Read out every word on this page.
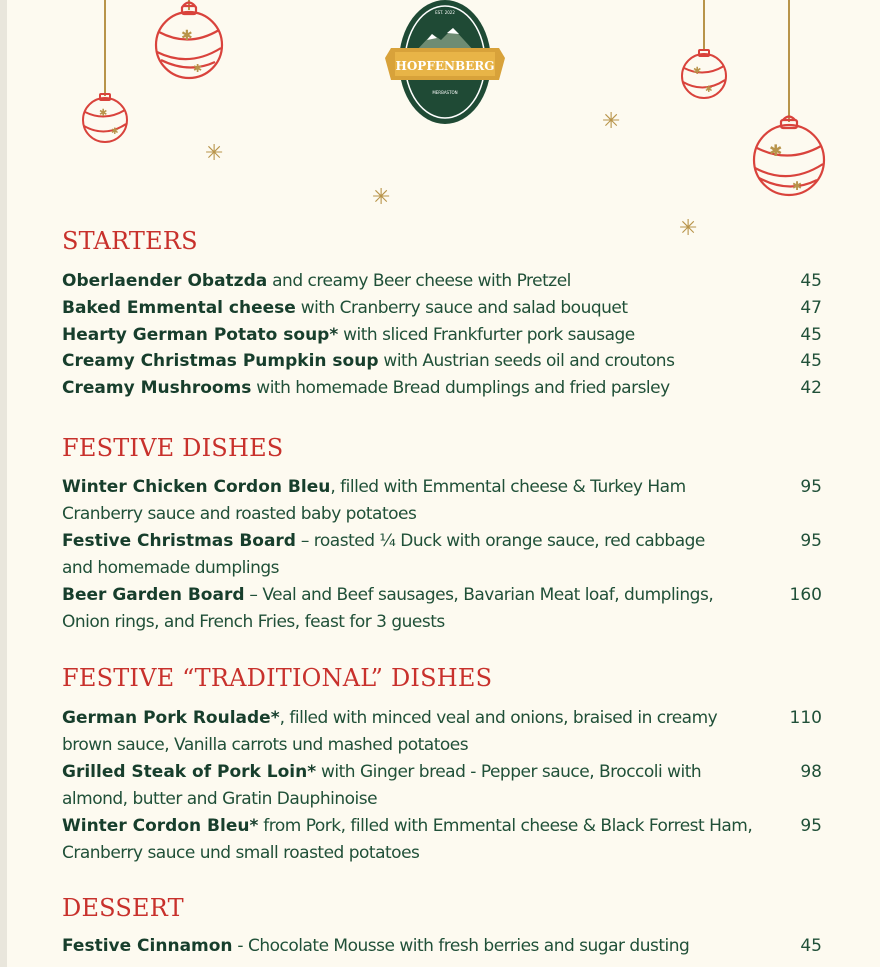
✱
✱
✱
✱
✱
✱
✱
✱
✳
✳
✳
✳
HOPFENBERG
EST. 2022
MERBASTON
STARTERS
Oberlaender Obatzda and creamy Beer cheese with Pretzel	45
Baked Emmental cheese with Cranberry sauce and salad bouquet	47
Hearty German Potato soup* with sliced Frankfurter pork sausage	45
Creamy Christmas Pumpkin soup with Austrian seeds oil and croutons	45
Creamy Mushrooms with homemade Bread dumplings and fried parsley	42
FESTIVE DISHES
Winter Chicken Cordon Bleu, filled with Emmental cheese & Turkey Ham	95
Cranberry sauce and roasted baby potatoes
Festive Christmas Board – roasted ¼ Duck with orange sauce, red cabbage	95
and homemade dumplings
Beer Garden Board – Veal and Beef sausages, Bavarian Meat loaf, dumplings,	160
Onion rings, and French Fries, feast for 3 guests
FESTIVE “TRADITIONAL” DISHES
German Pork Roulade*, filled with minced veal and onions, braised in creamy	110
brown sauce, Vanilla carrots und mashed potatoes
Grilled Steak of Pork Loin* with Ginger bread - Pepper sauce, Broccoli with	98
almond, butter and Gratin Dauphinoise
Winter Cordon Bleu* from Pork, filled with Emmental cheese & Black Forrest Ham,	95
Cranberry sauce und small roasted potatoes
DESSERT
Festive Cinnamon - Chocolate Mousse with fresh berries and sugar dusting	45
